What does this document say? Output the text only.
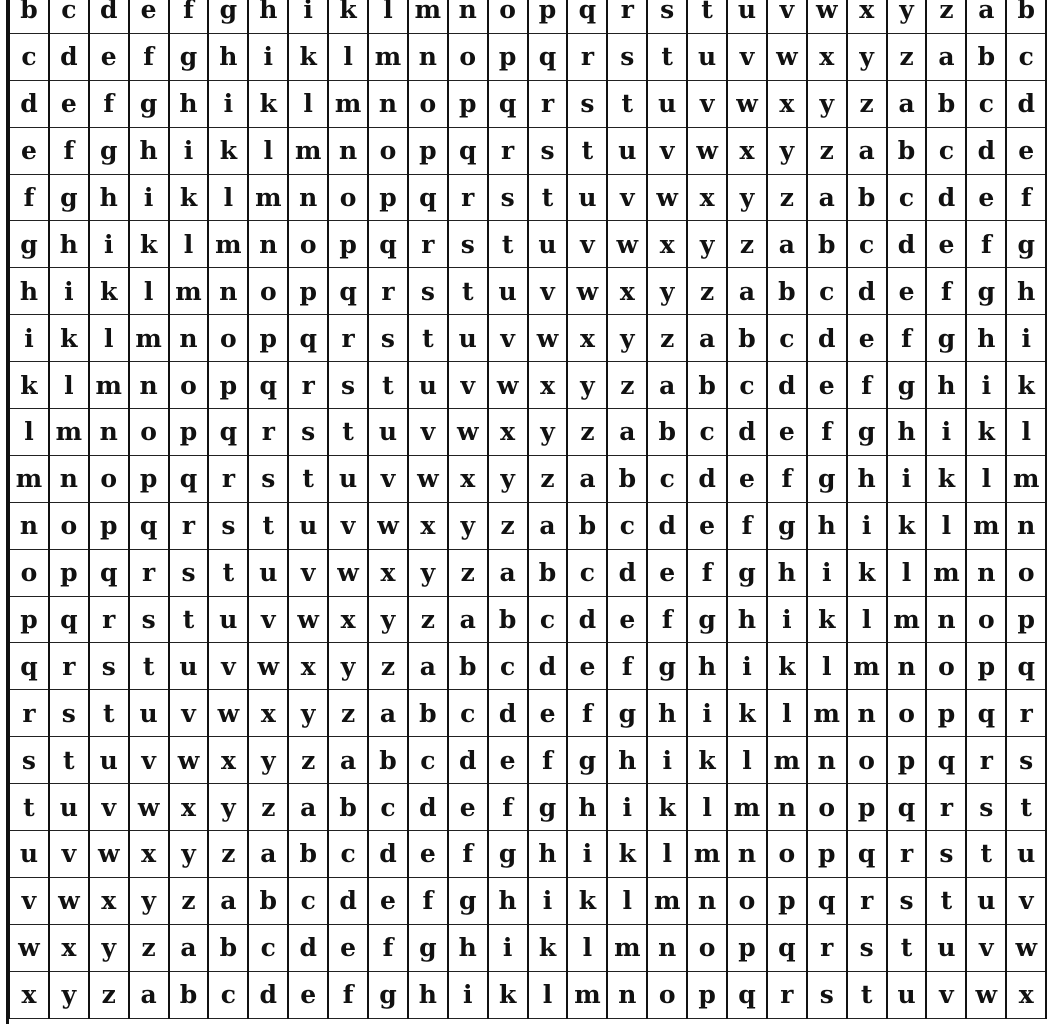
b	c	d	e	f	g	h	i	k	l	m	n	o	p	q	r	s	t	u	v	w	x	y	z	a	b
c	d	e	f	g	h	i	k	l	m	n	o	p	q	r	s	t	u	v	w	x	y	z	a	b	c
d	e	f	g	h	i	k	l	m	n	o	p	q	r	s	t	u	v	w	x	y	z	a	b	c	d
e	f	g	h	i	k	l	m	n	o	p	q	r	s	t	u	v	w	x	y	z	a	b	c	d	e
f	g	h	i	k	l	m	n	o	p	q	r	s	t	u	v	w	x	y	z	a	b	c	d	e	f
g	h	i	k	l	m	n	o	p	q	r	s	t	u	v	w	x	y	z	a	b	c	d	e	f	g
h	i	k	l	m	n	o	p	q	r	s	t	u	v	w	x	y	z	a	b	c	d	e	f	g	h
i	k	l	m	n	o	p	q	r	s	t	u	v	w	x	y	z	a	b	c	d	e	f	g	h	i
k	l	m	n	o	p	q	r	s	t	u	v	w	x	y	z	a	b	c	d	e	f	g	h	i	k
l	m	n	o	p	q	r	s	t	u	v	w	x	y	z	a	b	c	d	e	f	g	h	i	k	l
m	n	o	p	q	r	s	t	u	v	w	x	y	z	a	b	c	d	e	f	g	h	i	k	l	m
n	o	p	q	r	s	t	u	v	w	x	y	z	a	b	c	d	e	f	g	h	i	k	l	m	n
o	p	q	r	s	t	u	v	w	x	y	z	a	b	c	d	e	f	g	h	i	k	l	m	n	o
p	q	r	s	t	u	v	w	x	y	z	a	b	c	d	e	f	g	h	i	k	l	m	n	o	p
q	r	s	t	u	v	w	x	y	z	a	b	c	d	e	f	g	h	i	k	l	m	n	o	p	q
r	s	t	u	v	w	x	y	z	a	b	c	d	e	f	g	h	i	k	l	m	n	o	p	q	r
s	t	u	v	w	x	y	z	a	b	c	d	e	f	g	h	i	k	l	m	n	o	p	q	r	s
t	u	v	w	x	y	z	a	b	c	d	e	f	g	h	i	k	l	m	n	o	p	q	r	s	t
u	v	w	x	y	z	a	b	c	d	e	f	g	h	i	k	l	m	n	o	p	q	r	s	t	u
v	w	x	y	z	a	b	c	d	e	f	g	h	i	k	l	m	n	o	p	q	r	s	t	u	v
w	x	y	z	a	b	c	d	e	f	g	h	i	k	l	m	n	o	p	q	r	s	t	u	v	w
x	y	z	a	b	c	d	e	f	g	h	i	k	l	m	n	o	p	q	r	s	t	u	v	w	x
